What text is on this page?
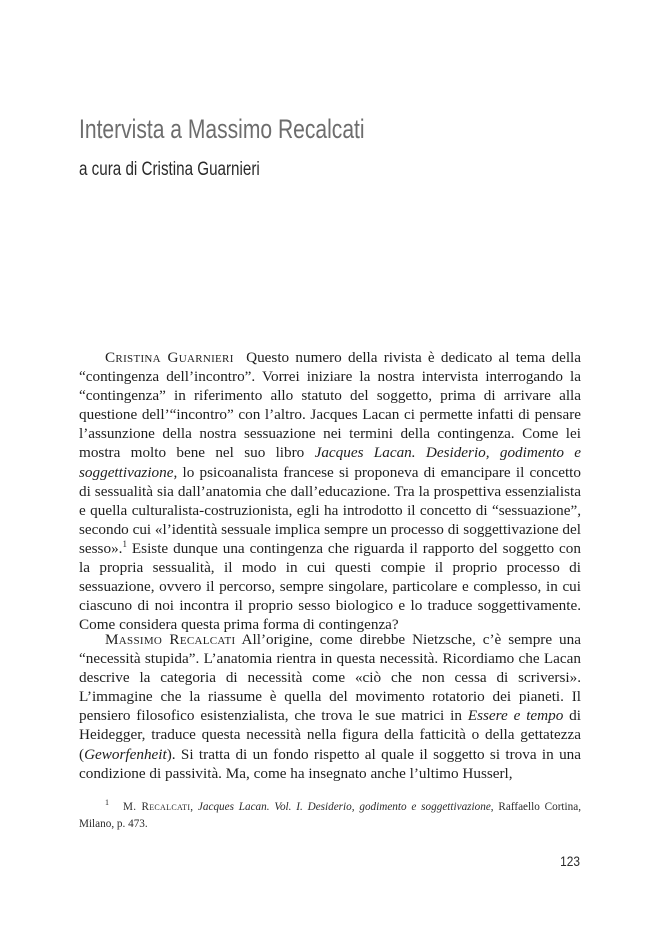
Intervista a Massimo Recalcati
a cura di Cristina Guarnieri

Cristina Guarnieri Questo numero della rivista è dedicato al tema della “contingenza dell’incontro”. Vorrei iniziare la nostra intervista interrogando la “contingenza” in riferimento allo statuto del soggetto, prima di arrivare alla questione dell’“incontro” con l’altro. Jacques Lacan ci permette infatti di pensare l’assunzione della nostra sessuazione nei termini della contingenza. Come lei mostra molto bene nel suo libro Jacques Lacan. Desiderio, godimento e soggettivazione, lo psicoanalista francese si proponeva di emancipare il concetto di sessualità sia dall’anatomia che dall’educazione. Tra la prospettiva essenzialista e quella culturalista-costruzionista, egli ha introdotto il concetto di “sessuazione”, secondo cui «l’identità sessuale implica sempre un processo di soggettivazione del sesso».$^1$ Esiste dunque una contingenza che riguarda il rapporto del soggetto con la propria sessualità, il modo in cui questi compie il proprio processo di sessuazione, ovvero il percorso, sempre singolare, particolare e complesso, in cui ciascuno di noi incontra il proprio sesso biologico e lo traduce soggettivamente. Come considera questa prima forma di contingenza?

Massimo Recalcati All’origine, come direbbe Nietzsche, c’è sempre una “necessità stupida”. L’anatomia rientra in questa necessità. Ricordiamo che Lacan descrive la categoria di necessità come «ciò che non cessa di scriversi». L’immagine che la riassume è quella del movimento rotatorio dei pianeti. Il pensiero filosofico esistenzialista, che trova le sue matrici in Essere e tempo di Heidegger, traduce questa necessità nella figura della fatticità o della gettatezza (Geworfenheit). Si tratta di un fondo rispetto al quale il soggetto si trova in una condizione di passività. Ma, come ha insegnato anche l’ultimo Husserl,

$^1$ M. Recalcati, Jacques Lacan. Vol. I. Desiderio, godimento e soggettivazione, Raffaello Cortina, Milano, p. 473.

123
